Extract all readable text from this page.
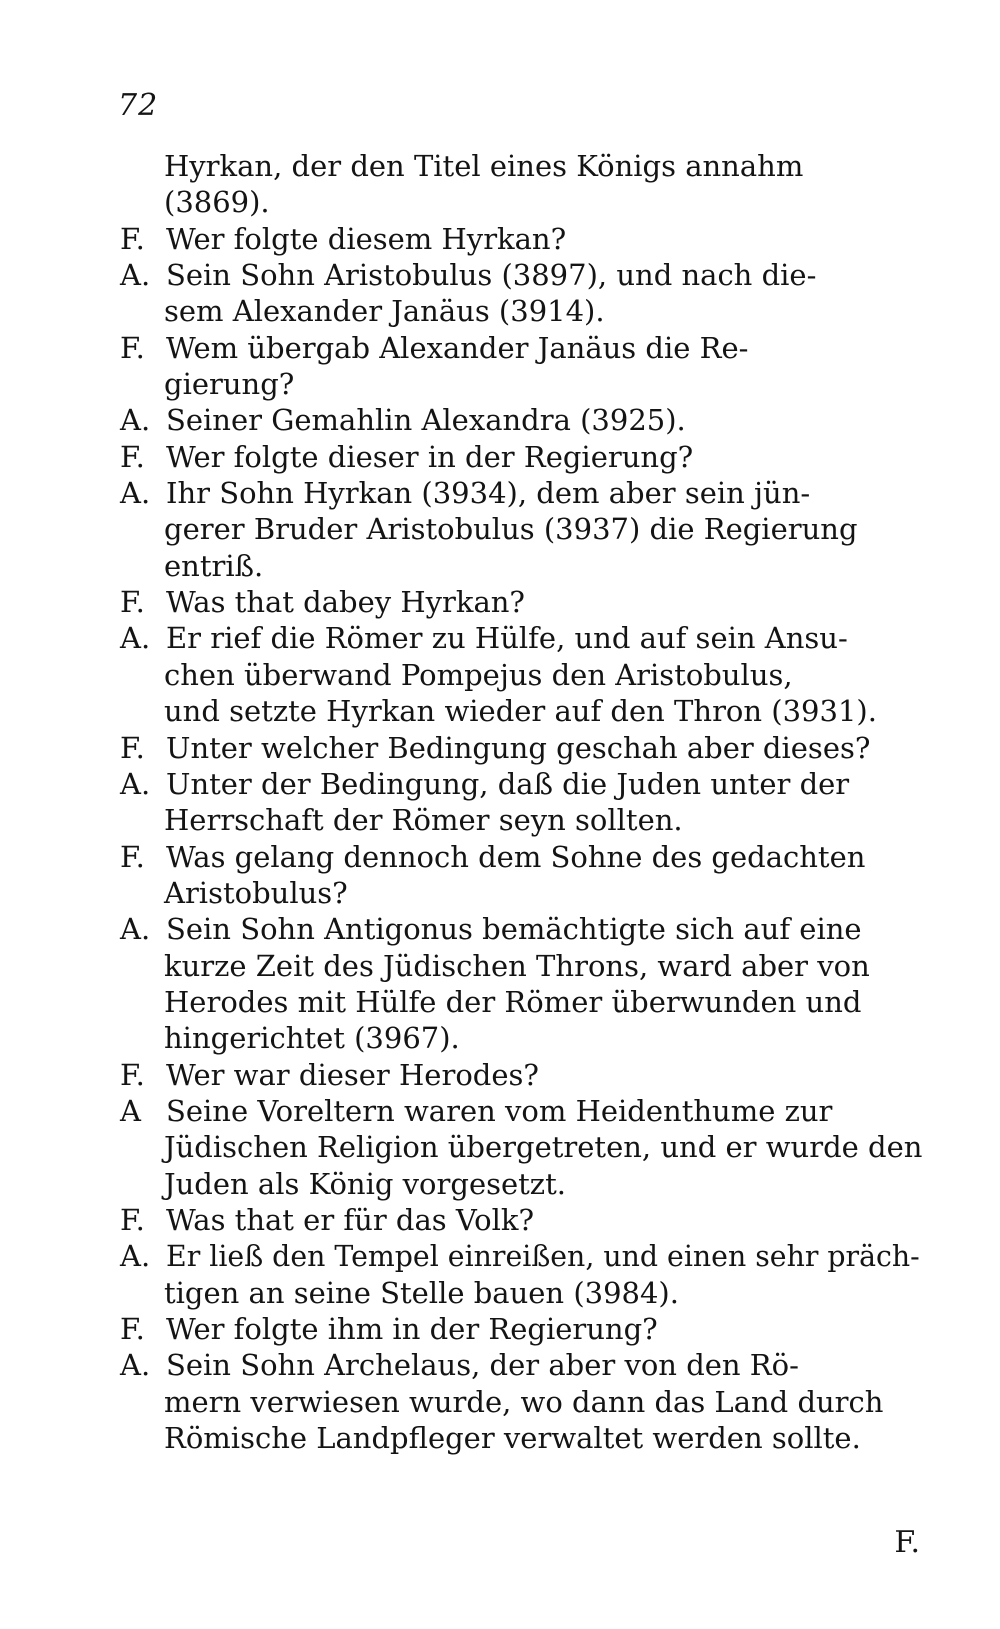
72
Hyrkan, der den Titel eines Königs annahm
(3869).
F. Wer folgte diesem Hyrkan?
A. Sein Sohn Aristobulus (3897), und nach die-
sem Alexander Janäus (3914).
F. Wem übergab Alexander Janäus die Re-
gierung?
A. Seiner Gemahlin Alexandra (3925).
F. Wer folgte dieser in der Regierung?
A. Ihr Sohn Hyrkan (3934), dem aber sein jün-
gerer Bruder Aristobulus (3937) die Regierung
entriß.
F. Was that dabey Hyrkan?
A. Er rief die Römer zu Hülfe, und auf sein Ansu-
chen überwand Pompejus den Aristobulus,
und setzte Hyrkan wieder auf den Thron (3931).
F. Unter welcher Bedingung geschah aber dieses?
A. Unter der Bedingung, daß die Juden unter der
Herrschaft der Römer seyn sollten.
F. Was gelang dennoch dem Sohne des gedachten
Aristobulus?
A. Sein Sohn Antigonus bemächtigte sich auf eine
kurze Zeit des Jüdischen Throns, ward aber von
Herodes mit Hülfe der Römer überwunden und
hingerichtet (3967).
F. Wer war dieser Herodes?
A Seine Voreltern waren vom Heidenthume zur
Jüdischen Religion übergetreten, und er wurde den
Juden als König vorgesetzt.
F. Was that er für das Volk?
A. Er ließ den Tempel einreißen, und einen sehr präch-
tigen an seine Stelle bauen (3984).
F. Wer folgte ihm in der Regierung?
A. Sein Sohn Archelaus, der aber von den Rö-
mern verwiesen wurde, wo dann das Land durch
Römische Landpfleger verwaltet werden sollte.
F.
